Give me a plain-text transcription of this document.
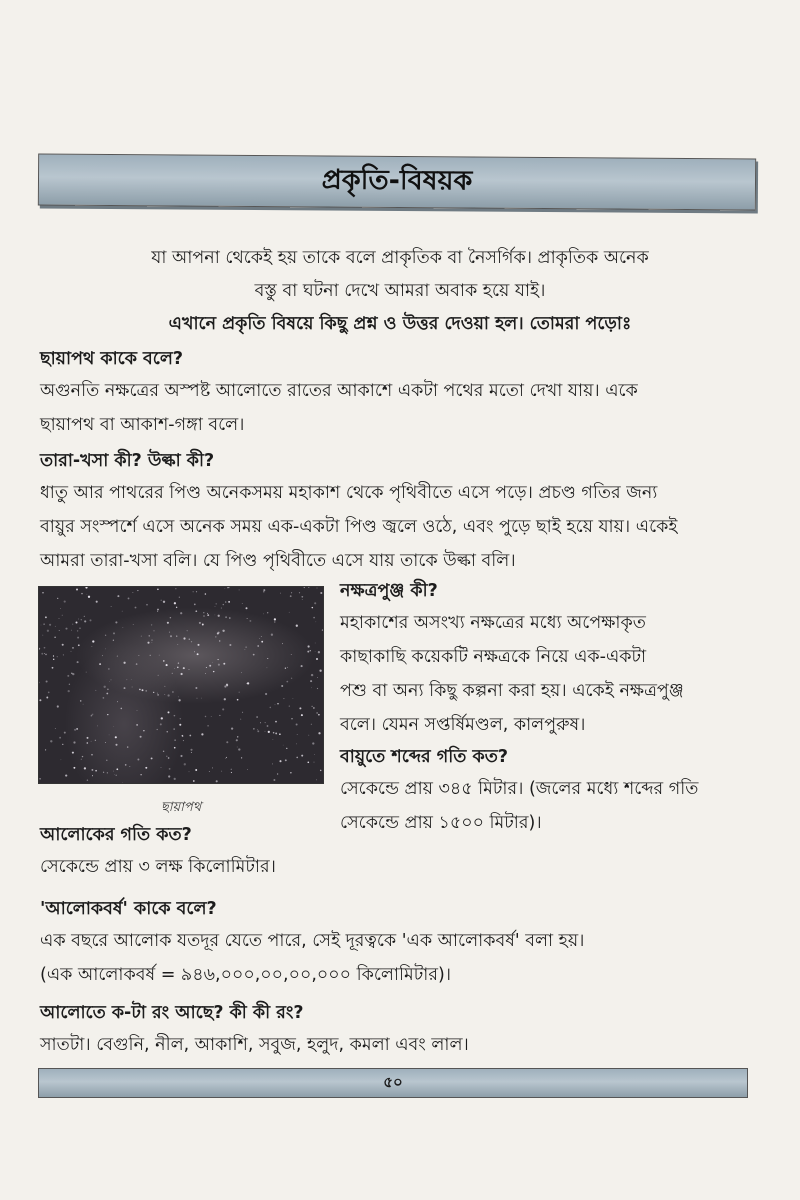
প্রকৃতি-বিষয়ক

যা আপনা থেকেই হয় তাকে বলে প্রাকৃতিক বা নৈসর্গিক। প্রাকৃতিক অনেক

বস্তু বা ঘটনা দেখে আমরা অবাক হয়ে যাই।

এখানে প্রকৃতি বিষয়ে কিছু প্রশ্ন ও উত্তর দেওয়া হল। তোমরা পড়োঃ

ছায়াপথ কাকে বলে?
অগুনতি নক্ষত্রের অস্পষ্ট আলোতে রাতের আকাশে একটা পথের মতো দেখা যায়। একে
ছায়াপথ বা আকাশ-গঙ্গা বলে।
তারা-খসা কী? উল্কা কী?
ধাতু আর পাথরের পিণ্ড অনেকসময় মহাকাশ থেকে পৃথিবীতে এসে পড়ে। প্রচণ্ড গতির জন্য
বায়ুর সংস্পর্শে এসে অনেক সময় এক-একটা পিণ্ড জ্বলে ওঠে, এবং পুড়ে ছাই হয়ে যায়। একেই
আমরা তারা-খসা বলি। যে পিণ্ড পৃথিবীতে এসে যায় তাকে উল্কা বলি।
ছায়াপথ
নক্ষত্রপুঞ্জ কী?
মহাকাশের অসংখ্য নক্ষত্রের মধ্যে অপেক্ষাকৃত
কাছাকাছি কয়েকটি নক্ষত্রকে নিয়ে এক-একটা
পশু বা অন্য কিছু কল্পনা করা হয়। একেই নক্ষত্রপুঞ্জ
বলে। যেমন সপ্তর্ষিমণ্ডল, কালপুরুষ।
বায়ুতে শব্দের গতি কত?
সেকেন্ডে প্রায় ৩৪৫ মিটার। (জলের মধ্যে শব্দের গতি
সেকেন্ডে প্রায় ১৫০০ মিটার)।
আলোকের গতি কত?
সেকেন্ডে প্রায় ৩ লক্ষ কিলোমিটার।
'আলোকবর্ষ' কাকে বলে?
এক বছরে আলোক যতদূর যেতে পারে, সেই দূরত্বকে 'এক আলোকবর্ষ' বলা হয়।
(এক আলোকবর্ষ = ৯৪৬,০০০,০০,০০,০০০ কিলোমিটার)।
আলোতে ক-টা রং আছে? কী কী রং?
সাতটা। বেগুনি, নীল, আকাশি, সবুজ, হলুদ, কমলা এবং লাল।
৫০
